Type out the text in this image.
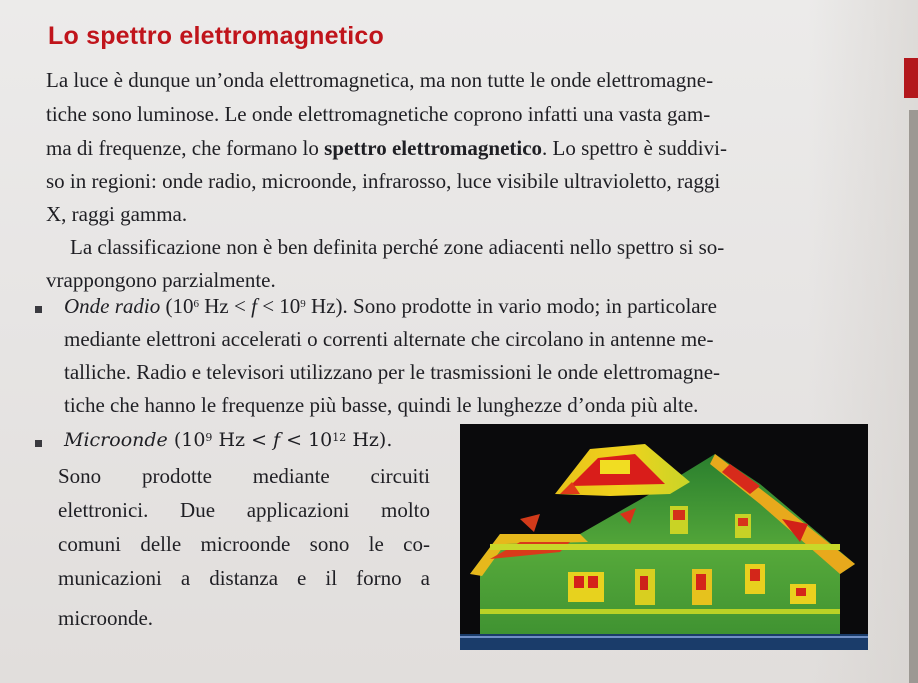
Lo spettro elettromagnetico
La luce è dunque un’onda elettromagnetica, ma non tutte le onde elettromagne-
tiche sono luminose. Le onde elettromagnetiche coprono infatti una vasta gam-
ma di frequenze, che formano lo spettro elettromagnetico. Lo spettro è suddivi-
so in regioni: onde radio, microonde, infrarosso, luce visibile ultravioletto, raggi
X, raggi gamma.
La classificazione non è ben definita perché zone adiacenti nello spettro si so-
vrappongono parzialmente.
Onde radio ($10^6$ $Hz < f < 10^9$ Hz). Sono prodotte in vario modo; in particolare
mediante elettroni accelerati o correnti alternate che circolano in antenne me-
talliche. Radio e televisori utilizzano per le trasmissioni le onde elettromagne-
tiche che hanno le frequenze più basse, quindi le lunghezze d’onda più alte.
Microonde ($10^9$ $Hz < f < 10^{12}$ Hz).
Sono prodotte mediante circuiti
elettronici. Due applicazioni molto
comuni delle microonde sono le co-
municazioni a distanza e il forno a
microonde.
